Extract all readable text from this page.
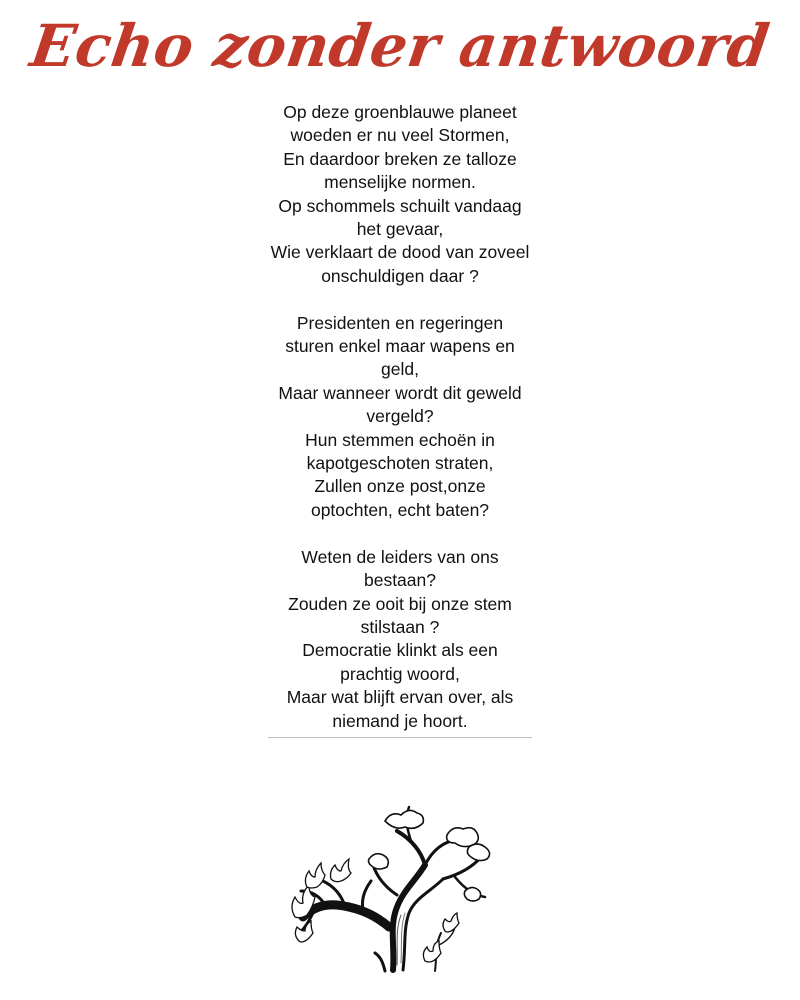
Echo zonder antwoord

Op deze groenblauwe planeet
woeden er nu veel Stormen,
En daardoor breken ze talloze
menselijke normen.
Op schommels schuilt vandaag
het gevaar,
Wie verklaart de dood van zoveel
onschuldigen daar ?

Presidenten en regeringen
sturen enkel maar wapens en
geld,
Maar wanneer wordt dit geweld
vergeld?
Hun stemmen echoën in
kapotgeschoten straten,
Zullen onze post,onze
optochten, echt baten?

Weten de leiders van ons
bestaan?
Zouden ze ooit bij onze stem
stilstaan ?
Democratie klinkt als een
prachtig woord,
Maar wat blijft ervan over, als
niemand je hoort.
